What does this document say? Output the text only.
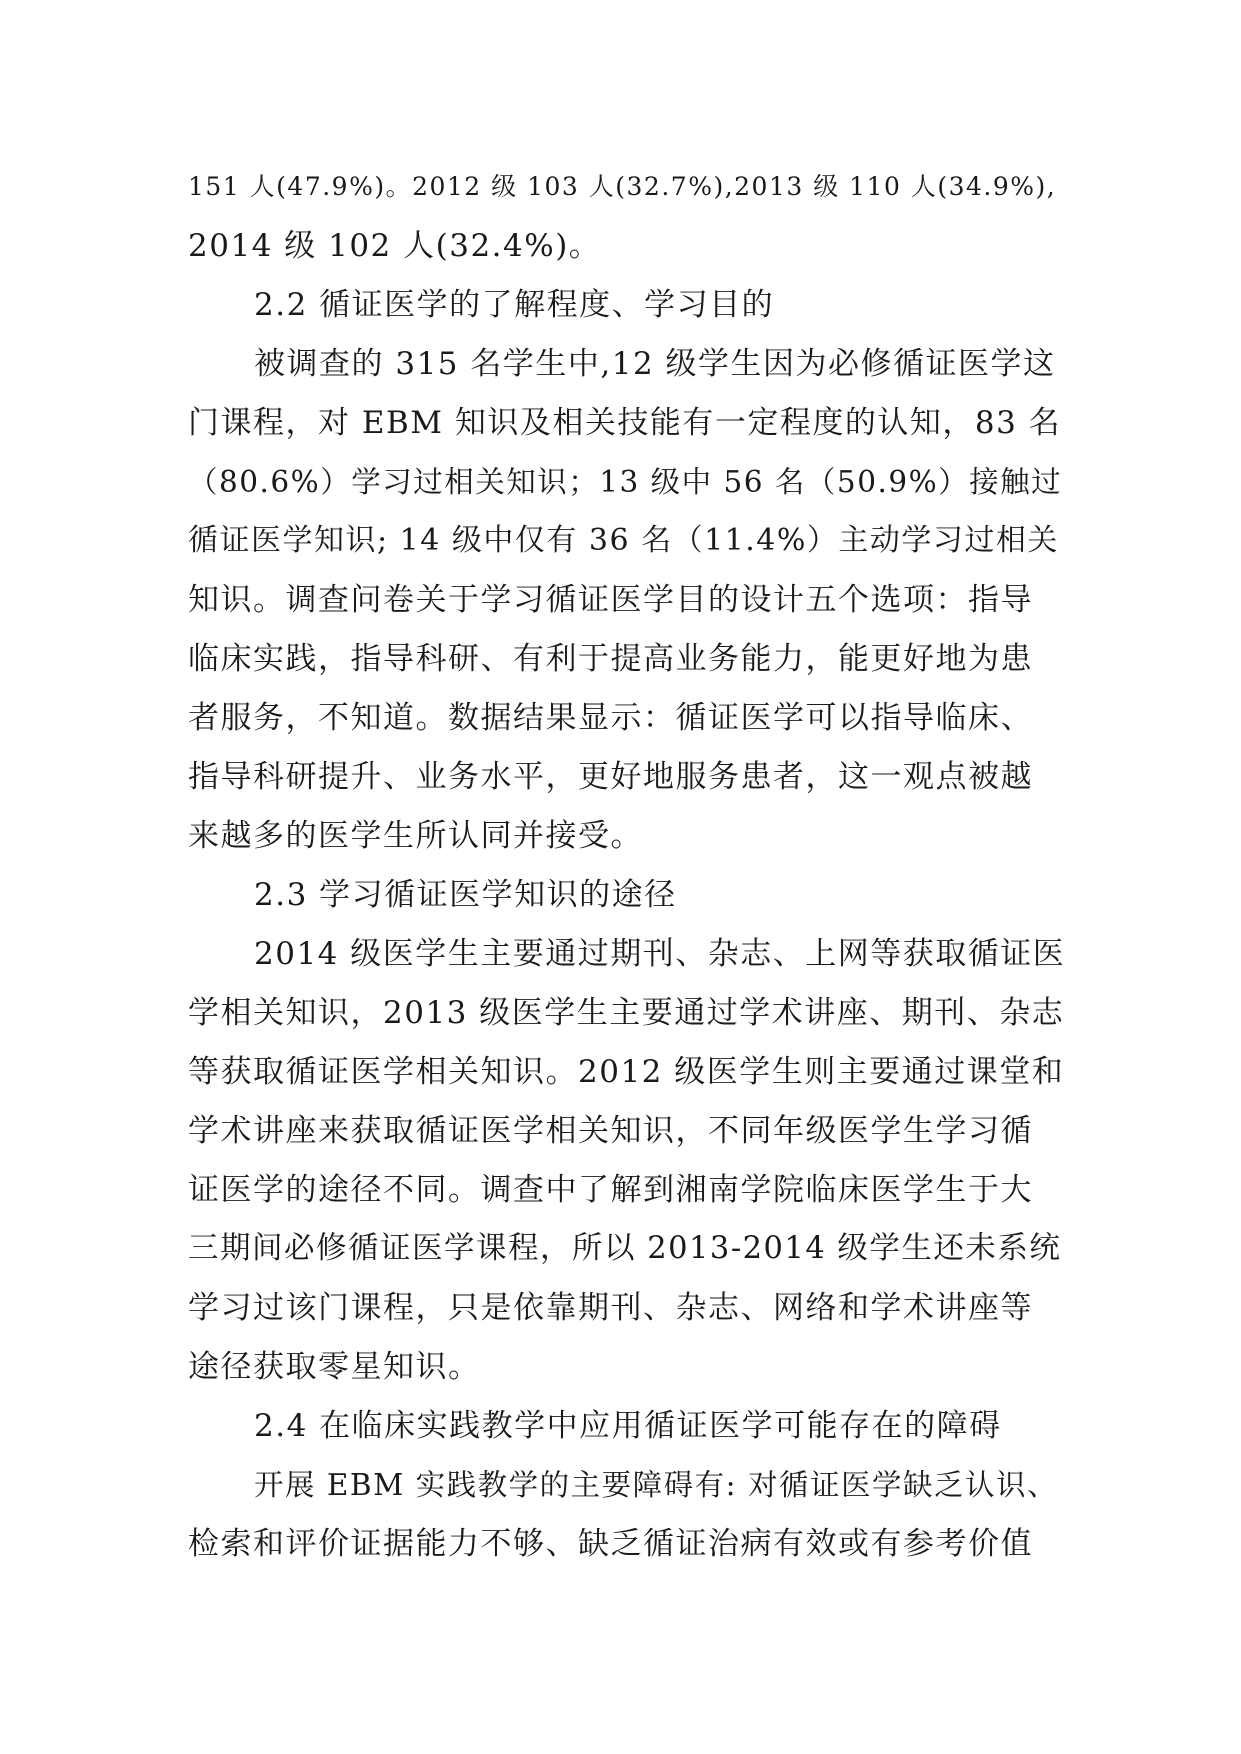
151 人(47.9%)。2012 级 103 人(32.7%),2013 级 110 人(34.9%),
2014 级 102 人(32.4%)。
2.2 循证医学的了解程度、学习目的
被调查的 315 名学生中,12 级学生因为必修循证医学这
门课程，对 EBM 知识及相关技能有一定程度的认知，83 名
（80.6%）学习过相关知识；13 级中 56 名（50.9%）接触过
循证医学知识; 14 级中仅有 36 名（11.4%）主动学习过相关
知识。调查问卷关于学习循证医学目的设计五个选项：指导
临床实践，指导科研、有利于提高业务能力，能更好地为患
者服务，不知道。数据结果显示：循证医学可以指导临床、
指导科研提升、业务水平，更好地服务患者，这一观点被越
来越多的医学生所认同并接受。
2.3 学习循证医学知识的途径
2014 级医学生主要通过期刊、杂志、上网等获取循证医
学相关知识，2013 级医学生主要通过学术讲座、期刊、杂志
等获取循证医学相关知识。2012 级医学生则主要通过课堂和
学术讲座来获取循证医学相关知识，不同年级医学生学习循
证医学的途径不同。调查中了解到湘南学院临床医学生于大
三期间必修循证医学课程，所以 2013-2014 级学生还未系统
学习过该门课程，只是依靠期刊、杂志、网络和学术讲座等
途径获取零星知识。
2.4 在临床实践教学中应用循证医学可能存在的障碍
开展 EBM 实践教学的主要障碍有: 对循证医学缺乏认识、
检索和评价证据能力不够、缺乏循证治病有效或有参考价值
